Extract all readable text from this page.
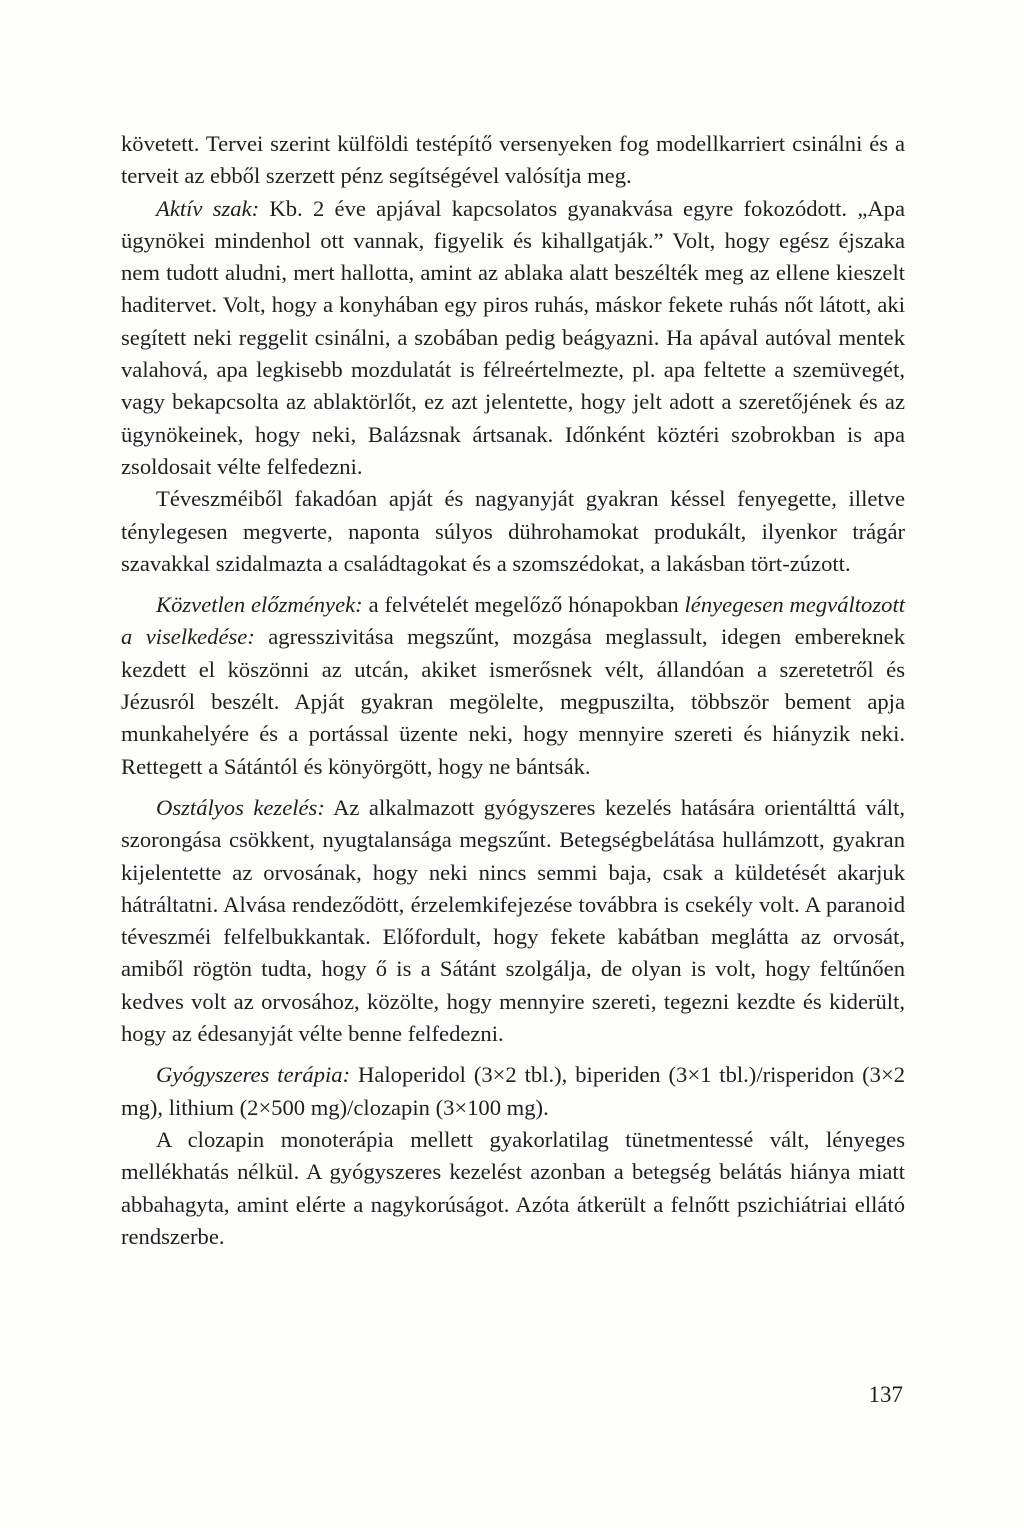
követett. Tervei szerint külföldi testépítő versenyeken fog modellkarriert csinálni és a terveit az ebből szerzett pénz segítségével valósítja meg.

Aktív szak: Kb. 2 éve apjával kapcsolatos gyanakvása egyre fokozódott. „Apa ügynökei mindenhol ott vannak, figyelik és kihallgatják.” Volt, hogy egész éjszaka nem tudott aludni, mert hallotta, amint az ablaka alatt beszélték meg az ellene kieszelt haditervet. Volt, hogy a konyhában egy piros ruhás, máskor fekete ruhás nőt látott, aki segített neki reggelit csinálni, a szobában pedig beágyazni. Ha apával autóval mentek valahová, apa legkisebb mozdulatát is félreértelmezte, pl. apa feltette a szemüvegét, vagy bekapcsolta az ablaktörlőt, ez azt jelentette, hogy jelt adott a szeretőjének és az ügynökeinek, hogy neki, Balázsnak ártsanak. Időnként köztéri szobrokban is apa zsoldosait vélte felfedezni.

Téveszméiből fakadóan apját és nagyanyját gyakran késsel fenyegette, illetve ténylegesen megverte, naponta súlyos dührohamokat produkált, ilyenkor trágár szavakkal szidalmazta a családtagokat és a szomszédokat, a lakásban tört-zúzott.

Közvetlen előzmények: a felvételét megelőző hónapokban lényegesen megváltozott a viselkedése: agresszivitása megszűnt, mozgása meglassult, idegen embereknek kezdett el köszönni az utcán, akiket ismerősnek vélt, állandóan a szeretetről és Jézusról beszélt. Apját gyakran megölelte, megpuszilta, többször bement apja munkahelyére és a portással üzente neki, hogy mennyire szereti és hiányzik neki. Rettegett a Sátántól és könyörgött, hogy ne bántsák.

Osztályos kezelés: Az alkalmazott gyógyszeres kezelés hatására orientálttá vált, szorongása csökkent, nyugtalansága megszűnt. Betegségbelátása hullámzott, gyakran kijelentette az orvosának, hogy neki nincs semmi baja, csak a küldetését akarjuk hátráltatni. Alvása rendeződött, érzelemkifejezése továbbra is csekély volt. A paranoid téveszméi felfelbukkantak. Előfordult, hogy fekete kabátban meglátta az orvosát, amiből rögtön tudta, hogy ő is a Sátánt szolgálja, de olyan is volt, hogy feltűnően kedves volt az orvosához, közölte, hogy mennyire szereti, tegezni kezdte és kiderült, hogy az édesanyját vélte benne felfedezni.

Gyógyszeres terápia: Haloperidol (3×2 tbl.), biperiden (3×1 tbl.)/risperidon (3×2 mg), lithium (2×500 mg)/clozapin (3×100 mg).

A clozapin monoterápia mellett gyakorlatilag tünetmentessé vált, lényeges mellékhatás nélkül. A gyógyszeres kezelést azonban a betegség belátás hiánya miatt abbahagyta, amint elérte a nagykorúságot. Azóta átkerült a felnőtt pszichiátriai ellátó rendszerbe.

137
